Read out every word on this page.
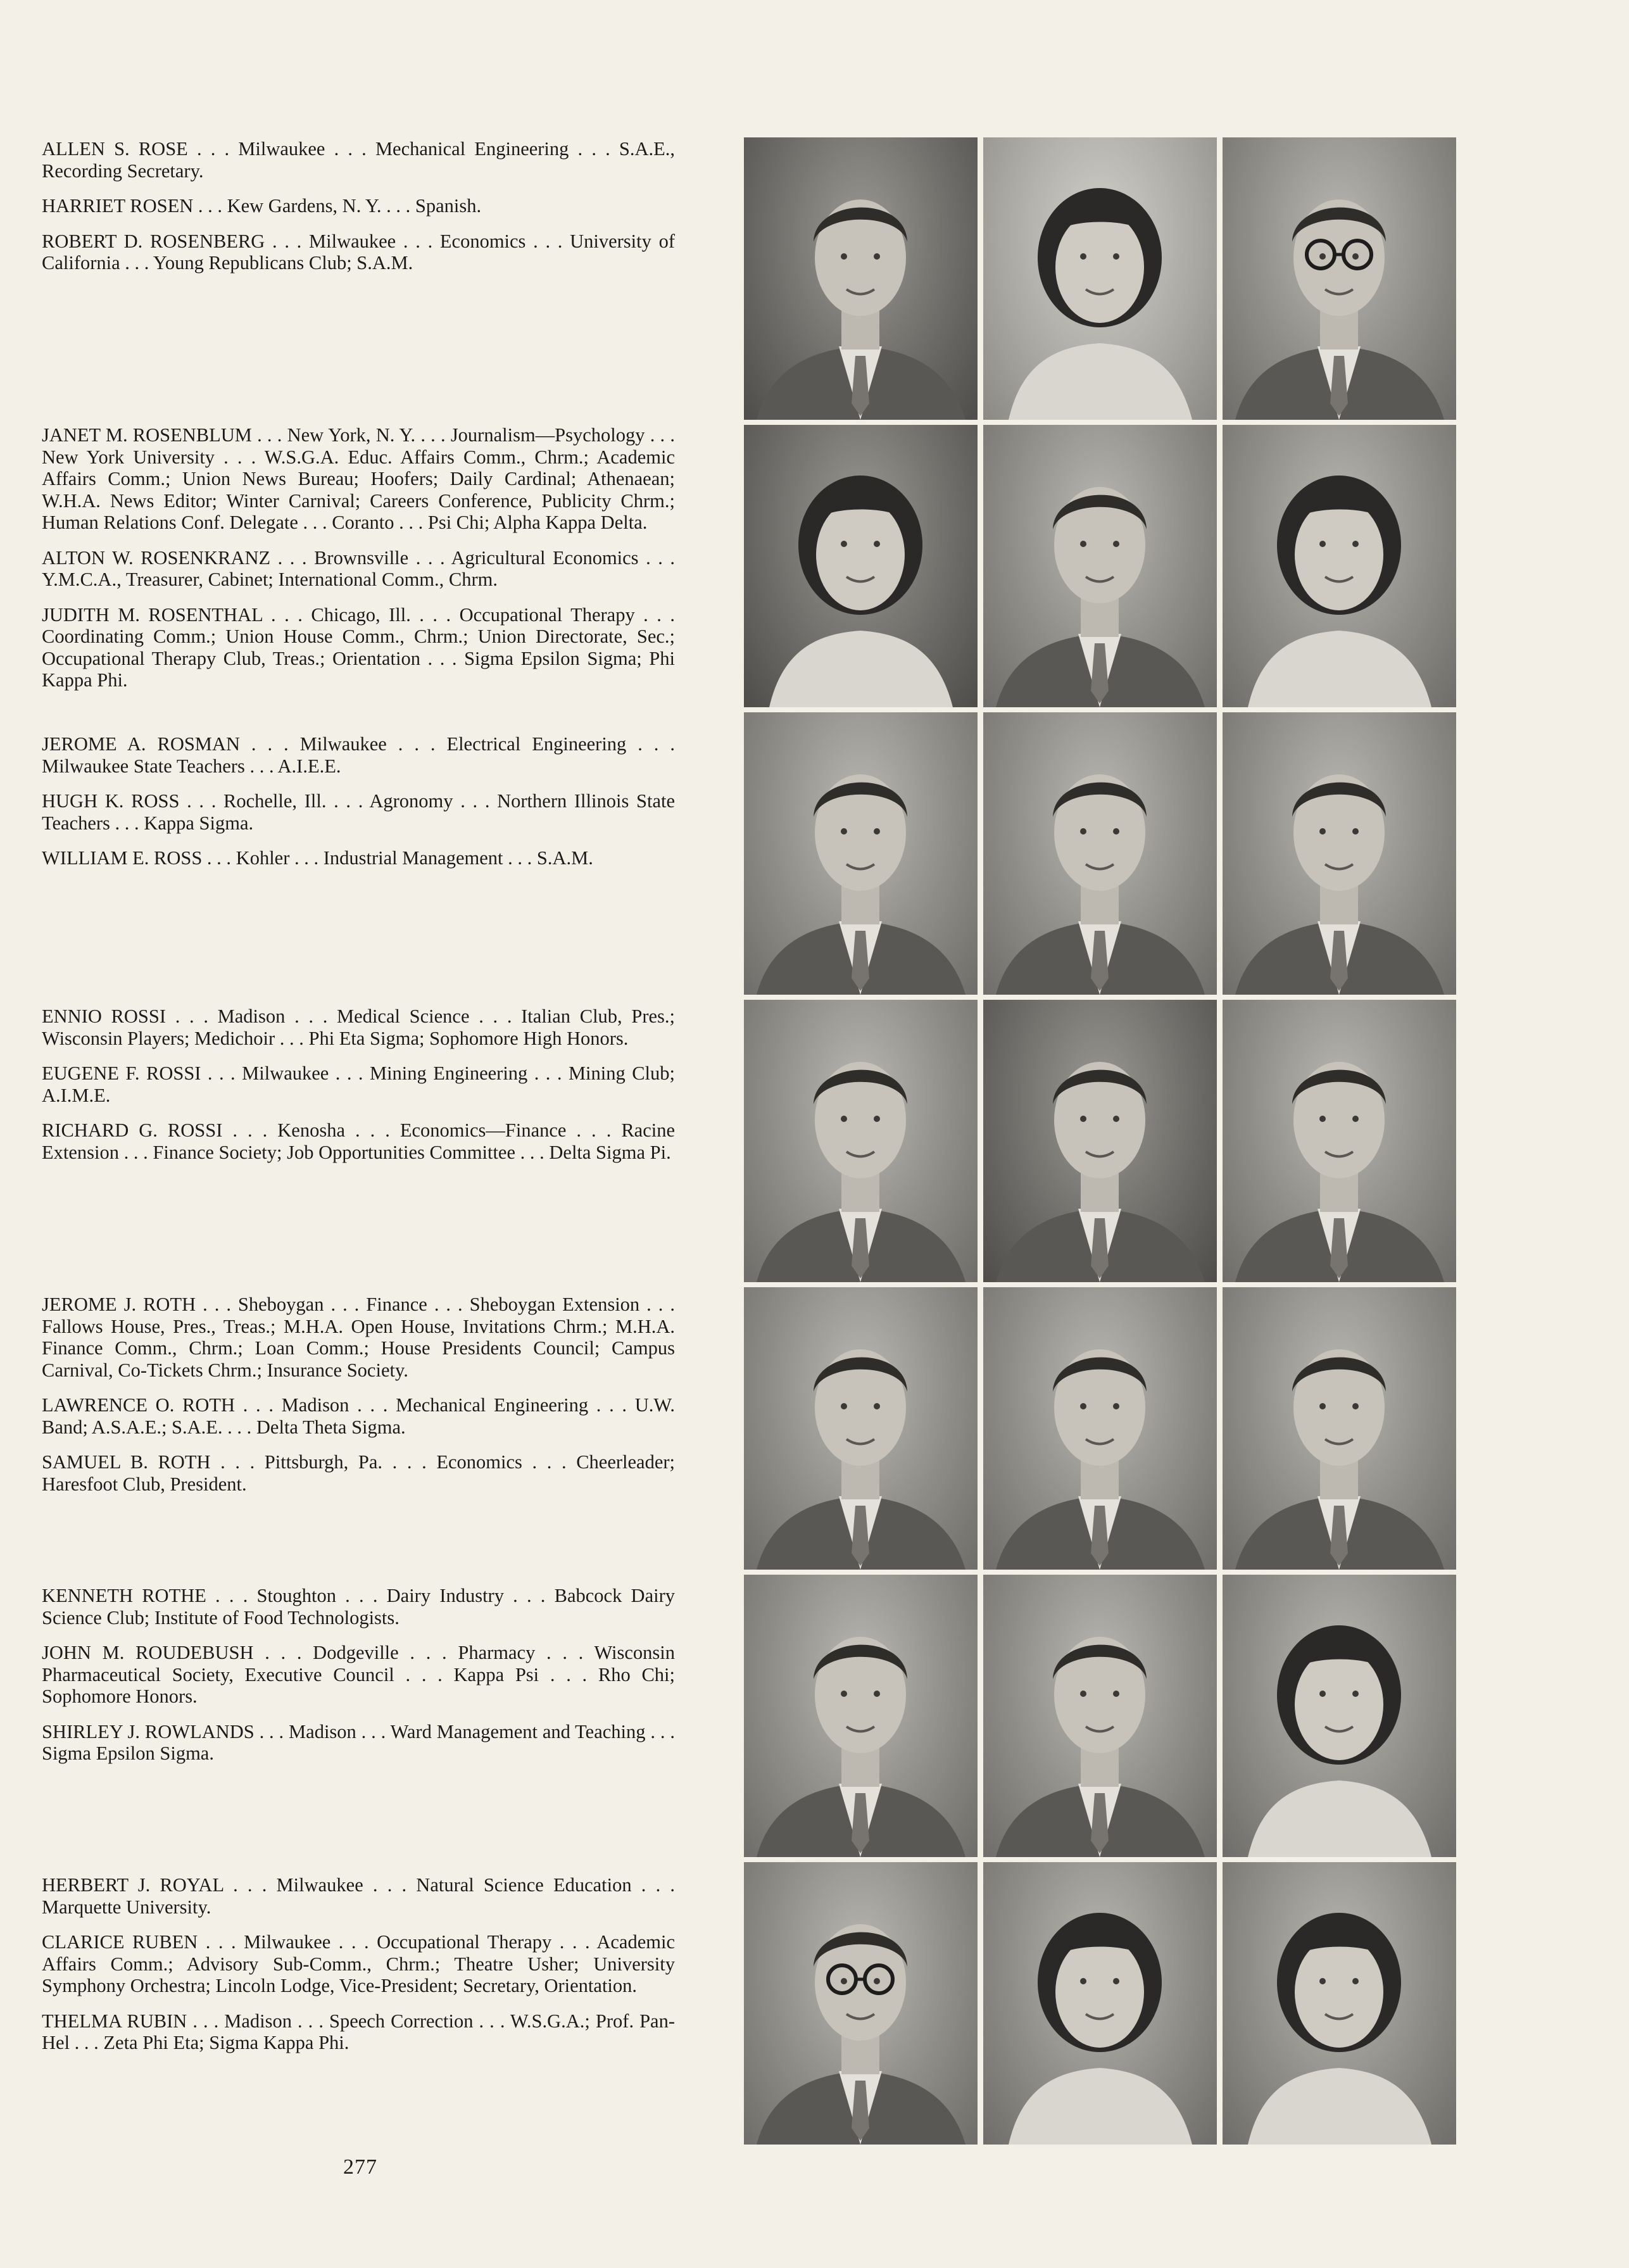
ALLEN S. ROSE . . . Milwaukee . . . Mechanical Engineering . . . S.A.E., Recording Secretary.

HARRIET ROSEN . . . Kew Gardens, N. Y. . . . Spanish.

ROBERT D. ROSENBERG . . . Milwaukee . . . Economics . . . University of California . . . Young Republicans Club; S.A.M.

JANET M. ROSENBLUM . . . New York, N. Y. . . . Journalism—Psychology . . . New York University . . . W.S.G.A. Educ. Affairs Comm., Chrm.; Academic Affairs Comm.; Union News Bureau; Hoofers; Daily Cardinal; Athenaean; W.H.A. News Editor; Winter Carnival; Careers Conference, Publicity Chrm.; Human Relations Conf. Delegate . . . Coranto . . . Psi Chi; Alpha Kappa Delta.

ALTON W. ROSENKRANZ . . . Brownsville . . . Agricultural Economics . . . Y.M.C.A., Treasurer, Cabinet; International Comm., Chrm.

JUDITH M. ROSENTHAL . . . Chicago, Ill. . . . Occupational Therapy . . . Coordinating Comm.; Union House Comm., Chrm.; Union Directorate, Sec.; Occupational Therapy Club, Treas.; Orientation . . . Sigma Epsilon Sigma; Phi Kappa Phi.

JEROME A. ROSMAN . . . Milwaukee . . . Electrical Engineering . . . Milwaukee State Teachers . . . A.I.E.E.

HUGH K. ROSS . . . Rochelle, Ill. . . . Agronomy . . . Northern Illinois State Teachers . . . Kappa Sigma.

WILLIAM E. ROSS . . . Kohler . . . Industrial Management . . . S.A.M.

ENNIO ROSSI . . . Madison . . . Medical Science . . . Italian Club, Pres.; Wisconsin Players; Medichoir . . . Phi Eta Sigma; Sophomore High Honors.

EUGENE F. ROSSI . . . Milwaukee . . . Mining Engineering . . . Mining Club; A.I.M.E.

RICHARD G. ROSSI . . . Kenosha . . . Economics—Finance . . . Racine Extension . . . Finance Society; Job Opportunities Committee . . . Delta Sigma Pi.

JEROME J. ROTH . . . Sheboygan . . . Finance . . . Sheboygan Extension . . . Fallows House, Pres., Treas.; M.H.A. Open House, Invitations Chrm.; M.H.A. Finance Comm., Chrm.; Loan Comm.; House Presidents Council; Campus Carnival, Co-Tickets Chrm.; Insurance Society.

LAWRENCE O. ROTH . . . Madison . . . Mechanical Engineering . . . U.W. Band; A.S.A.E.; S.A.E. . . . Delta Theta Sigma.

SAMUEL B. ROTH . . . Pittsburgh, Pa. . . . Economics . . . Cheerleader; Haresfoot Club, President.

KENNETH ROTHE . . . Stoughton . . . Dairy Industry . . . Babcock Dairy Science Club; Institute of Food Technologists.

JOHN M. ROUDEBUSH . . . Dodgeville . . . Pharmacy . . . Wisconsin Pharmaceutical Society, Executive Council . . . Kappa Psi . . . Rho Chi; Sophomore Honors.

SHIRLEY J. ROWLANDS . . . Madison . . . Ward Management and Teaching . . . Sigma Epsilon Sigma.

HERBERT J. ROYAL . . . Milwaukee . . . Natural Science Education . . . Marquette University.

CLARICE RUBEN . . . Milwaukee . . . Occupational Therapy . . . Academic Affairs Comm.; Advisory Sub-Comm., Chrm.; Theatre Usher; University Symphony Orchestra; Lincoln Lodge, Vice-President; Secretary, Orientation.

THELMA RUBIN . . . Madison . . . Speech Correction . . . W.S.G.A.; Prof. Pan-Hel . . . Zeta Phi Eta; Sigma Kappa Phi.

277
